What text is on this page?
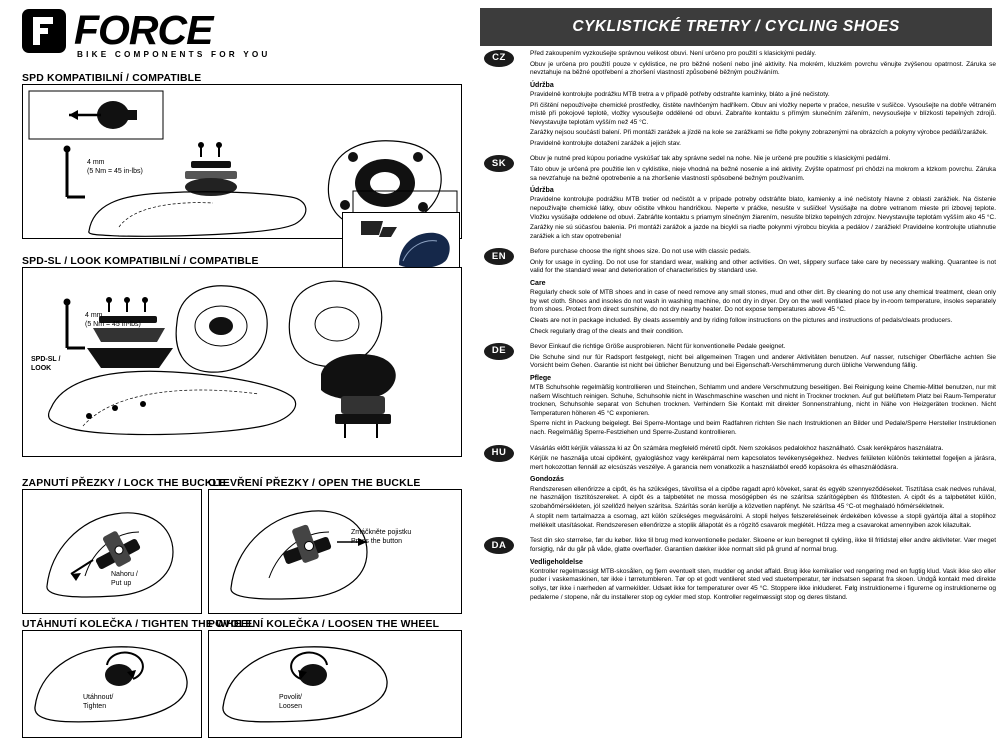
FORCE
BIKE COMPONENTS FOR YOU
CYKLISTICKÉ TRETRY / CYCLING SHOES
SPD KOMPATIBILNÍ / COMPATIBLE
4 mm
(5 Nm = 45 in-lbs)
SPD-SL / LOOK KOMPATIBILNÍ / COMPATIBLE
4 mm
(5 Nm = 45 in-lbs)
SPD-SL /
LOOK
ZAPNUTÍ PŘEZKY / LOCK THE BUCKLE
Nahoru /
Put up
OTEVŘENÍ PŘEZKY / OPEN THE BUCKLE
Zmáčkněte pojistku
Press the button
UTÁHNUTÍ KOLEČKA / TIGHTEN THE WHEEL
Utáhnout/
Tighten
POVOLENÍ KOLEČKA / LOOSEN THE WHEEL
Povolit/
Loosen
CZ	Před zakoupením vyzkoušejte správnou velikost obuvi. Není určeno pro použití s klasickými pedály.

Obuv je určena pro použití pouze v cyklistice, ne pro běžné nošení nebo jiné aktivity. Na mokrém, kluzkém povrchu věnujte zvýšenou opatrnost. Záruka se nevztahuje na běžné opotřebení a zhoršení vlastností způsobené běžným používáním.

Údržba

Pravidelně kontrolujte podrážku MTB tretra a v případě potřeby odstraňte kamínky, bláto a jiné nečistoty.

Při čištění nepoužívejte chemické prostředky, čistěte navlhčeným hadříkem. Obuv ani vložky neperte v pračce, nesušte v sušičce. Vysoušejte na dobře větraném místě při pokojové teplotě, vložky vysoušejte oddělené od obuvi. Zabraňte kontaktu s přímým slunečním zářením, nevysoušejte v blízkosti tepelných zdrojů. Nevystavujte teplotám vyšším než 45 °C.

Zarážky nejsou součástí balení. Při montáži zarážek a jízdě na kole se zarážkami se řiďte pokyny zobrazenými na obrázcích a pokyny výrobce pedálů/zarážek.

Pravidelně kontrolujte dotažení zarážek a jejich stav.

SK	Obuv je nutné pred kúpou poriadne vyskúšať tak aby správne sedel na nohe. Nie je určené pre použitie s klasickými pedálmi.

Táto obuv je určená pre použitie len v cyklistike, nieje vhodná na bežné nosenie a iné aktivity. Zvýšte opatrnosť pri chôdzi na mokrom a klzkom povrchu. Záruka sa nevzťahuje na bežné opotrebenie a na zhoršenie vlastností spôsobené bežným používaním.

Údržba

Pravidelne kontrolujte podrážku MTB tretier od nečistôt a v prípade potreby odstráňte blato, kamienky a iné nečistoty hlavne z oblasti zarážiek. Na čistenie nepoužívajte chemické látky, obuv očistite vlhkou handričkou. Neperte v práčke, nesušte v sušičke! Vysúšajte na dobre vetranom mieste pri izbovej teplote. Vložku vysúšajte oddelene od obuvi. Zabráňte kontaktu s priamym slnečným žiarením, nesušte blízko tepelných zdrojov. Nevystavujte teplotám vyšším ako 45 °C.

Zarážky nie sú súčasťou balenia. Pri montáži zarážok a jazde na bicykli sa riaďte pokynmi výrobcu bicykla a pedálov / zarážiek! Pravidelne kontrolujte utiahnutie zarážiek a ich stav opotrebenia!

EN	Before purchase choose the right shoes size. Do not use with classic pedals.

Only for usage in cycling. Do not use for standard wear, walking and other activities. On wet, slippery surface take care by necessary walking. Quarantee is not valid for the standard wear and deterioration of characteristics by standard use.

Care

Regularly check sole of MTB shoes and in case of need remove any small stones, mud and other dirt. By cleaning do not use any chemical treatment, clean only by wet cloth. Shoes and insoles do not wash in washing machine, do not dry in dryer. Dry on the well ventilated place by in-room temperature, insoles separately from shoes. Protect from direct sunshine, do not dry nearby heater. Do not expose temperatures above 45 °C.

Cleats are not in package included. By cleats assembly and by riding follow instructions on the pictures and instructions of pedals/cleats producers.

Check regularly drag of the cleats and their condition.

DE	Bevor Einkauf die richtige Größe ausprobieren. Nicht für konventionelle Pedale geeignet.

Die Schuhe sind nur für Radsport festgelegt, nicht bei allgemeinen Tragen und anderer Aktivitäten benutzen. Auf nasser, rutschiger Oberfläche achten Sie Vorsicht beim Gehen. Garantie ist nicht bei üblicher Benutzung und bei Eigenschaft-Verschlimmerung durch übliche Verwendung fällig.

Pflege

MTB Schuhsohle regelmäßig kontrollieren und Steinchen, Schlamm und andere Verschmutzung beseitigen. Bei Reinigung keine Chemie-Mittel benutzen, nur mit naßem Wischtuch reinigen. Schuhe, Schuhsohle nicht in Waschmaschine waschen und nicht in Trockner trocknen. Auf gut belüftetem Platz bei Raum-Temperatur trocknen, Schuhsohle separat von Schuhen trocknen. Verhindern Sie Kontakt mit direkter Sonnenstrahlung, nicht in Nähe von Heizgeräten trocknen. Nicht Temperaturen höheren 45 °C exponieren.

Sperre nicht in Packung beigelegt. Bei Sperre-Montage und beim Radfahren richten Sie nach Instruktionen an Bilder und Pedale/Sperre Hersteller Instruktionen nach. Regelmäßig Sperre-Festziehen und Sperre-Zustand kontrollieren.

HU	Vásárlás előtt kérjük válassza ki az Ön számára megfelelő méretű cipőt. Nem szokásos pedalokhoz használható. Csak kerékpáros használatra.

Kérjük ne használja utcai cipőként, gyalogláshoz vagy kerékpárral nem kapcsolatos tevékenységekhez. Nedves felületen különös tekintettel fogeljen a járásra, mert hokozottan fennáll az elcsúszás veszélye. A garancia nem vonatkozik a használatból eredő kopásokra és elhasználódásra.

Gondozás

Rendszeresen ellenőrizze a cipőt, és ha szükséges, távolítsa el a cipőbe ragadt apró köveket, sarat és egyéb szennyeződéseket. Tisztítása csak nedves ruhával, ne használjon tisztítószereket. A cipőt és a talpbetétet ne mossa mosógépben és ne szárítsa szárítógépben és fűtőtesten. A cipőt és a talpbetétet külön, szobahőmérsékleten, jól szellőző helyen szárítsa. Szárítás során kerülje a közvetlen napfényt. Ne szárítsa 45 °C-ot meghaladó hőmérsékletnek.

A stoplit nem tartalmazza a csomag, azt külön szükséges megvásárolni. A stopli helyes felszereléseinek érdekében kövesse a stopli gyártója által a stoplihoz mellékelt utasításokat. Rendszeresen ellenőrizze a stoplik állapotát és a rögzítő csavarok meglétét. Hűzza meg a csavarokat amennyiben azok kilazultak.

DA	Test din sko størrelse, før du køber. Ikke til brug med konventionelle pedaler. Skoene er kun beregnet til cykling, ikke til fritidstøj eller andre aktiviteter. Vær meget forsigtig, når du går på våde, glatte overflader. Garantien dækker ikke normalt slid på grund af normal brug.

Vedligeholdelse

Kontroller regelmæssigt MTB-skosålen, og fjern eventuelt sten, mudder og andet affald. Brug ikke kemikalier ved rengøring med en fugtig klud. Vask ikke sko eller puder i vaskemaskinen, tør ikke i tørretumbleren. Tør op et godt ventileret sted ved stuetemperatur, tør indsatsen separat fra skoen. Undgå kontakt med direkte sollys, tør ikke i nærheden af varmekilder. Udsæt ikke for temperaturer over 45 °C. Stoppere ikke inkluderet. Følg instruktionerne i figurerne og instruktionerne og pedalerne / stopene, når du installerer stop og cykler med stop. Kontroller regelmæssigt stop og deres tilstand.
